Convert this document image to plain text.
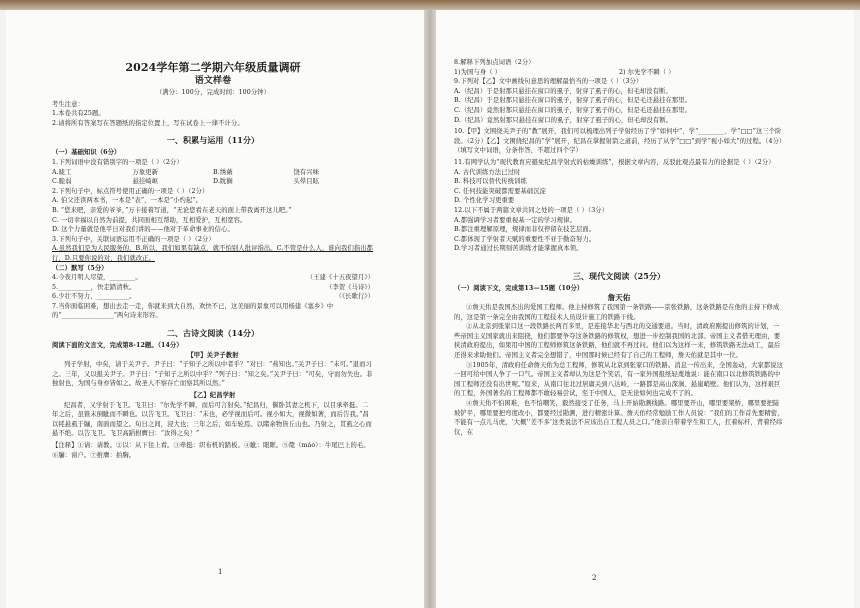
2024学年第二学期六年级质量调研
语文样卷
（满分：100分，完成时间：100分钟）
考生注意：
1.本卷共有25题。
2.请将所有答案写在答题纸的指定位置上，写在试卷上一律不计分。
一、积累与运用（11分）
（一）基础知识（6分）
1.下列词语中没有错别字的一项是（ ）（2分）
A.昽工	万象更新	B.绣薇	饶有兴味
C.脆弱	悬挂崎岖	D.眈搁	头晕目眩
2.下列句子中，标点符号使用正确的一项是（ ）（2分）
A. 伯父还读两本书，一本是“表”，一本是“小灼起”。
B. “您来吧，亲爱的爷爷，”万卡接着写道，“无论您看在老天的面上带我离开这儿吧。”
C. 一切幸福以自然为前提，共同面相互帮助，互相爱护，互相宽容。
D. 这个力量就是他平日对我们讲的——他对于革命事业的信心。
3.下列句子中，关联词语运用不正确的一项是（ ）（2分）
A.虽然我们是为人民服务的，B.所以，我们如果有缺点，就不怕别人批评指出。C.不管是什么人，谁向我们指出都行，D.只要你说的对，我们就改正。
（二）默写（5分）
4.今夜月明人尽望，________。	（王建《十五夜望月》）
5.__________，快走踏清秋。	（李贺《马诗》）
6.少壮不努力，__________。	（《长歌行》）
7.当你面临困难，想出去走一走，你就来到大自然，欢快不已，这美丽的景象可以用杨建《塞乡》中的“________________”两句诗来形容。
二、古诗文阅读（14分）
阅读下面的文言文，完成第8-12题。（14分）
【甲】关尹子教射
列子学射，中矣，请于关尹子。尹子曰：“子知子之所以中者乎？”对曰：“弗知也。”关尹子曰：“未可。”退而习之。三年，又以报关尹子。尹子曰：“子知子之所以中乎？”列子曰：“知之矣。”关尹子曰：“可矣，守而勿失也。非独射也，为国与身亦皆如之。故圣人不察存亡而察其所以然。”
【乙】纪昌学射
纪昌者，又学射于飞卫。飞卫曰：“尔先学不瞬，而后可言射矣。”纪昌归，偃卧其妻之机下，以目承牵挺。二年之后，虽锥末倒眦而不瞬也。以告飞卫。飞卫曰：“未也，必学视而后可。视小如大，视微如著，而后告我。”昌以牦悬虱于牖，南面而望之。旬日之间，浸大也；三年之后，如车轮焉。以睹余物皆丘山也。乃射之，贯虱之心而悬不绝。以告飞卫。飞卫高蹈拊膺曰：“汝得之矣！”
【注释】①请：请教。②以：从下往上看。③牵挺：织布机的踏板。④眦：眼眶。⑤氂（máo）：牛尾巴上的毛。⑥牖：窗户。⑦拊膺：拍胸。
1
8.解释下列加点词语（2分）
1)为国与身（ ）	2) 尔先学不瞬（ ）
9.下列对【乙】文中画线句意思的理解最恰当的一项是（ ）（3分）
A.（纪昌）于是射那只悬挂在窗口的虱子，射穿了虱子的心，但毛却没有断。
B.（纪昌）于是射那只悬挂在窗口的虱子，射穿了虱子的心，但是毛还悬挂在那里。
C.（纪昌）竟然射那只悬挂在窗口的虱子，射穿了虱子的心，但是毛还悬挂在那里。
D.（纪昌）竟然射那只悬挂在窗口的虱子，射穿了虱子的心，但毛却没有断。
10.【甲】文围绕关尹子的“教”展开，我们可以梳理出列子学射经历了学“如何中”、学“________、学“□□”这三个阶段。（2分）【乙】文围绕纪昌的“学”展开，纪昌在掌握射箭之道前，经历了从学“□□”到学“视小如大”的过程。（4分）（填写文中词语，分条作答，不超过四个字）
11.有网学认为“现代教育应避免纪昌学射式的枯燥训练”，根据文章内容，反驳此观点最有力的论据是（ ）（2分）
A. 古代训练方法已过时
B. 科技可以替代传统训练
C. 任何技能突破都需要基础沉淀
D. 个性化学习更重要
12.以下不属于两篇文章共同之处的一项是（ ）（3分）
A.都强调学习者要重视基一定的学习规律。
B.都注重理解原理，规律而非仅停留在技艺层面。
C.都体现了学射者天赋的重要性不亚于勤奋努力。
D.学习者通过长期刻苦训练才能掌握真本领。
三、现代文阅读（25分）
（一）阅读下文，完成第13—15题（10分）
詹天佑
①詹天佑是我国杰出的爱国工程师。他主持修筑了我国第一条铁路——京张铁路，这条铁路是在他的主持下修成的，这是第一条完全由我国的工程技术人员设计施工的铁路干线。
②从北京到张家口这一段铁路长两百多里，是连接华北与西北的交通要道。当时，清政府刚提出修筑的计划，一些帝国主义国家就出来阻挠，他们都要争夺这条铁路的修筑权，想进一步控制我国的北部。帝国主义者借无理由，要挟清政府提出，如果用中国的工程师修筑这条铁路，他们就不再过问。他们以为这样一来，修筑铁路无法动工，最后还得来求助他们。帝国主义者完全想错了，中国那时候已经有了自己的工程师，詹天佑就是其中一位。
③1905年，清政府任命詹天佑为总工程师，修筑从北京到张家口的铁路。消息一传出来，全国轰动，大家都说这一回可给中国人争了一口气。帝国主义者却认为这是个笑话，有一家外国报纸轻蔑地说：能在南口以北修筑铁路的中国工程师还没有出世呢。”原来，从南口往北过居庸关到八达岭，一路都是高山深涧、悬崖峭壁。他们认为，这样艰巨的工程，外国著名的工程师都不敢轻易尝试，至于中国人，是无论如何也完成不了的。
④詹天佑不怕困难，也不怕嘲笑，毅然接受了任务，马上开始勘测线路。哪里要开山，哪里要架桥，哪里要把陡坡铲平，哪里要把弯度改小，都要经过勘测，进行精密计算。詹天佑经常勉励工作人员说：“我们的工作首先要精密，不能有一点儿马虎，‘大概’‘差不多’这类说法不应该出自工程人员之口。”他亲自带着学生和工人，扛着标杆，背着经纬仪，在
2
